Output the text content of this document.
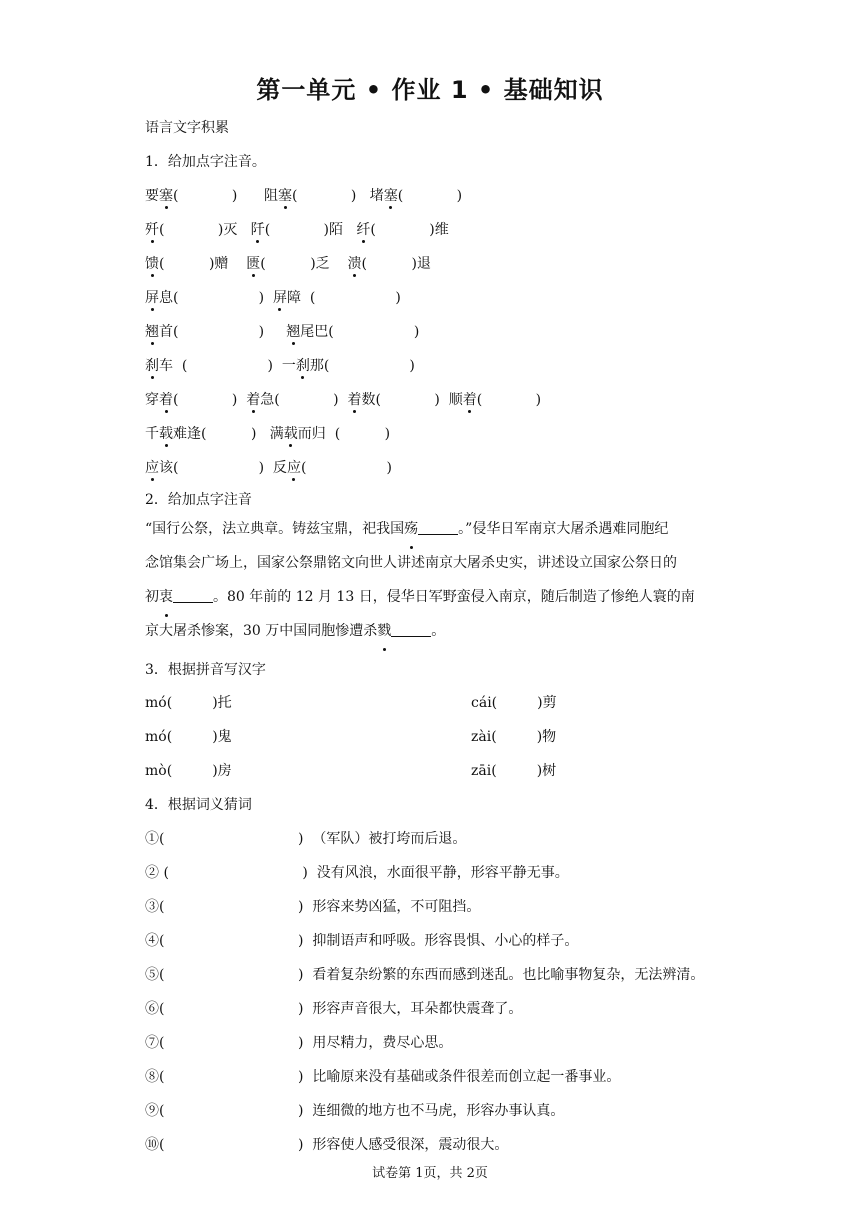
第一单元 • 作业 1 • 基础知识
语言文字积累
1．给加点字注音。
要塞(            )      阻塞(            )   堵塞(            )
歼(            )灭 阡(            )陌 纤(            )维
馈(          )赠 匮(          )乏 溃(          )退
屏息(                  ) 屏障  (                  )
翘首(                  ) 翘尾巴(                  )
刹车  (                  )  一刹那(                  )
穿着(            ) 着急(            ) 着数(            )  顺着(            )
千载难逢(          )   满载而归  (          )
应该(                  )  反应(                  )
2．给加点字注音
“国行公祭，法立典章。铸兹宝鼎，祀我国殇	。”侵华日军南京大屠杀遇难同胞纪
念馆集会广场上，国家公祭鼎铭文向世人讲述南京大屠杀史实，讲述设立国家公祭日的
初衷	。80 年前的 12 月 13 日，侵华日军野蛮侵入南京，随后制造了惨绝人寰的南
京大屠杀惨案，30 万中国同胞惨遭杀戮	。
3．根据拼音写汉字
mó(         )托	cái(         )剪
mó(         )鬼	zài(         )物
mò(         )房	zāi(         )树
4．根据词义猜词
①(                              )  （军队）被打垮而后退。
② (                              )  没有风浪，水面很平静，形容平静无事。
③(                              )  形容来势凶猛，不可阻挡。
④(                              )  抑制语声和呼吸。形容畏惧、小心的样子。
⑤(                              )  看着复杂纷繁的东西而感到迷乱。也比喻事物复杂，无法辨清。
⑥(                              )  形容声音很大，耳朵都快震聋了。
⑦(                              )  用尽精力，费尽心思。
⑧(                              )  比喻原来没有基础或条件很差而创立起一番事业。
⑨(                              )  连细微的地方也不马虎，形容办事认真。
⑩(                              )  形容使人感受很深，震动很大。
试卷第 1页，共 2页
